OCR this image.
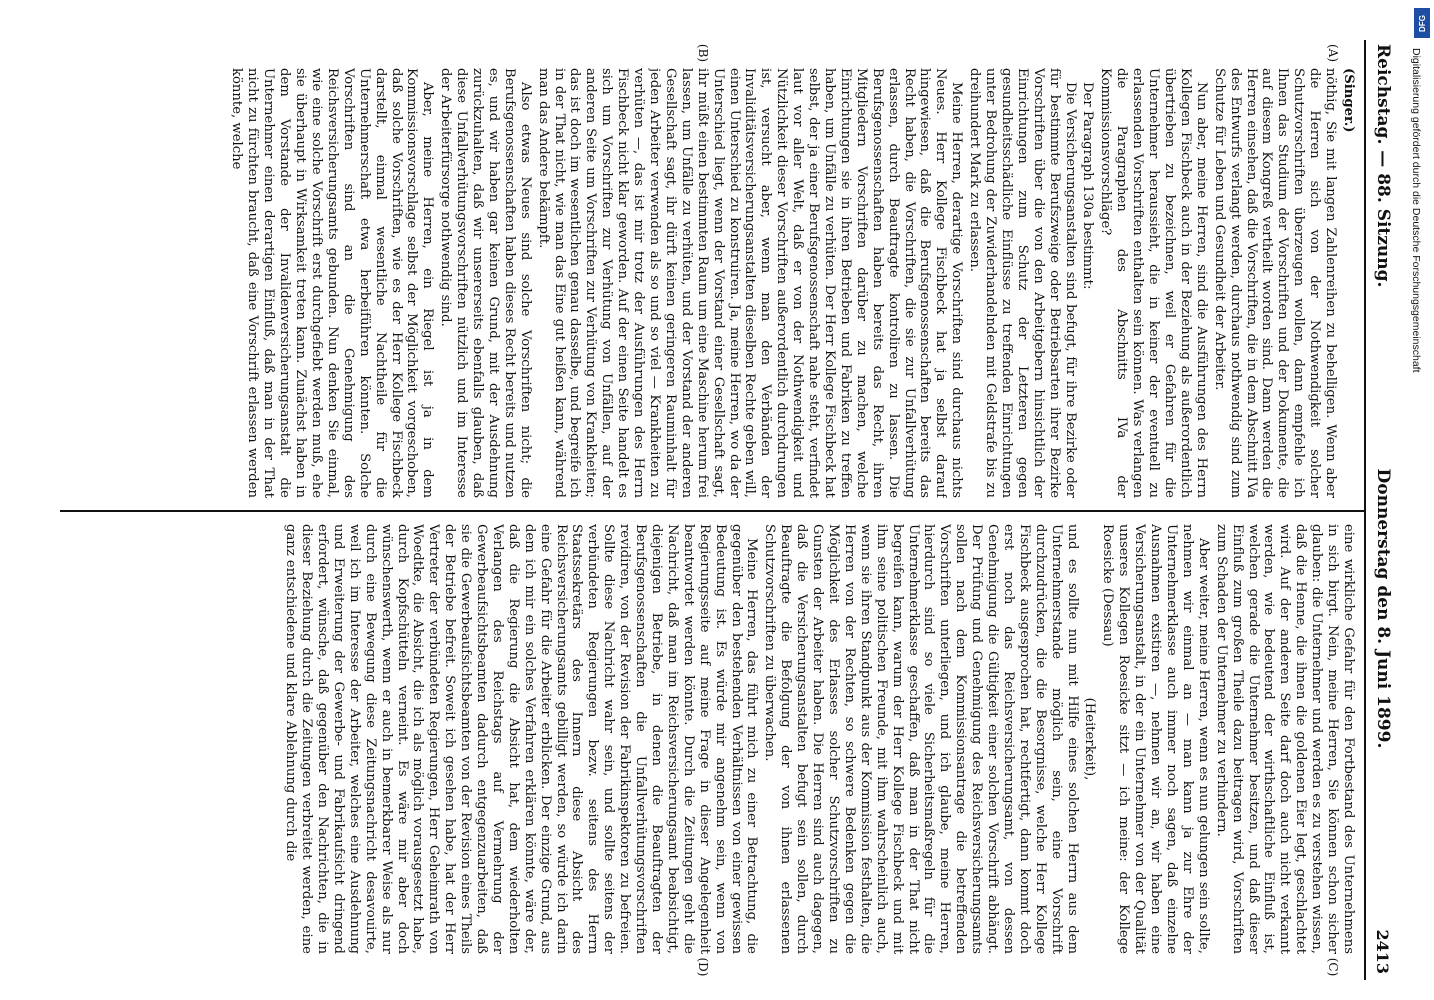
Reichstag. — 88. Sitzung.
Donnerstag den 8. Juni 1899.
2413
(A)
(B)
(C)
(D)

(Singer.)

nöthig, Sie mit langen Zahlenreihen zu behelligen. Wenn aber die Herren sich von der Nothwendigkeit solcher Schutzvorschriften überzeugen wollen, dann empfehle ich Ihnen das Studium der Vorschriften und der Dokumente, die auf diesem Kongreß vertheilt worden sind. Dann werden die Herren einsehen, daß die Vorschriften, die in dem Abschnitt IVa des Entwurfs verlangt werden, durchaus nothwendig sind zum Schutze für Leben und Gesundheit der Arbeiter.

Nun aber, meine Herren, sind die Ausführungen des Herrn Kollegen Fischbeck auch in der Beziehung als außerordentlich übertrieben zu bezeichnen, weil er Gefahren für die Unternehmer heraussieht, die in keiner der eventuell zu erlassenden Vorschriften enthalten sein können. Was verlangen die Paragraphen des Abschnitts IVa der Kommissionsvorschläge?

Der Paragraph 130a bestimmt:

Die Versicherungsanstalten sind befugt, für ihre Bezirke oder für bestimmte Berufszweige oder Betriebsarten ihrer Bezirke Vorschriften über die von den Arbeitgebern hinsichtlich der Einrichtungen zum Schutz der Letzteren gegen gesundheitsschädliche Einflüsse zu treffenden Einrichtungen unter Bedrohung der Zuwiderhandelnden mit Geldstrafe bis zu dreihundert Mark zu erlassen.

Meine Herren, derartige Vorschriften sind durchaus nichts Neues. Herr Kollege Fischbeck hat ja selbst darauf hingewiesen, daß die Berufsgenossenschaften bereits das Recht haben, die Vorschriften, die sie zur Unfallverhütung erlassen, durch Beauftragte kontroliren zu lassen. Die Berufsgenossenschaften haben bereits das Recht, ihren Mitgliedern Vorschriften darüber zu machen, welche Einrichtungen sie in ihren Betrieben und Fabriken zu treffen haben, um Unfälle zu verhüten. Der Herr Kollege Fischbeck hat selbst, der ja einer Berufsgenossenschaft nahe steht, verfindet laut vor aller Welt, daß er von der Nothwendigkeit und Nützlichkeit dieser Vorschriften außerordentlich durchdrungen ist, versucht aber, wenn man den Verbänden der Invaliditätsversicherungsanstalten dieselben Rechte geben will, einen Unterschied zu konstruiren. Ja, meine Herren, wo da der Unterschied liegt, wenn der Vorstand einer Gesellschaft sagt, ihr müßt einen bestimmten Raum um eine Maschine herum frei lassen, um Unfälle zu verhüten, und der Vorstand der anderen Gesellschaft sagt, ihr dürft keinen geringeren Rauminhalt für jeden Arbeiter verwenden als so und so viel — Krankheiten zu verhüten —, das ist mir trotz der Ausführungen des Herrn Fischbeck nicht klar geworden. Auf der einen Seite handelt es sich um Vorschriften zur Verhütung von Unfällen, auf der anderen Seite um Vorschriften zur Verhütung von Krankheiten; das ist doch im wesentlichen genau dasselbe, und begreife ich in der That nicht, wie man das Eine gut heißen kann, während man das Andere bekämpft.

Also etwas Neues sind solche Vorschriften nicht; die Berufsgenossenschaften haben dieses Recht bereits und nutzen es, und wir haben gar keinen Grund, mit der Ausdehnung zurückzuhalten, daß wir unsererseits ebenfalls glauben, daß diese Unfallverhütungsvorschriften nützlich und im Interesse der Arbeiterfürsorge nothwendig sind.

Aber, meine Herren, ein Riegel ist ja in dem Kommissionsvorschlage selbst der Möglichkeit vorgeschoben, daß solche Vorschriften, wie es der Herr Kollege Fischbeck darstellt, einmal wesentliche Nachtheile für die Unternehmerschaft etwa herbeiführen könnten. Solche Vorschriften sind an die Genehmigung des Reichsversicherungsamts gebunden. Nun denken Sie einmal, wie eine solche Vorschrift erst durchgefiebt werden muß, ehe sie überhaupt in Wirksamkeit treten kann. Zunächst haben in dem Vorstande der Invalidenversicherungsanstalt die Unternehmer einen derartigen Einfluß, daß man in der That nicht zu fürchten braucht, daß eine Vorschrift erlassen werden könnte, welche

eine wirkliche Gefahr für den Fortbestand des Unternehmens in sich birgt. Nein, meine Herren, Sie können schon sicher glauben: die Unternehmer und werden es zu verstehen wissen, daß die Henne, die ihnen die goldenen Eier legt, geschlachtet wird. Auf der anderen Seite darf doch auch nicht verkannt werden, wie bedeutend der wirthschaftliche Einfluß ist, welchen gerade die Unternehmer besitzen, und daß dieser Einfluß zum großen Theile dazu beitragen wird, Vorschriften zum Schaden der Unternehmer zu verhindern.

Aber weiter, meine Herren, wenn es nun gelungen sein sollte, nehmen wir einmal an — man kann ja zur Ehre der Unternehmerklasse auch immer noch sagen, daß einzelne Ausnahmen existiren —, nehmen wir an, wir haben eine Versicherungsanstalt, in der ein Unternehmer von der Qualität unseres Kollegen Roesicke sitzt — ich meine: der Kollege Roesicke (Dessau)

(Heiterkeit),

und es sollte nun mit Hilfe eines solchen Herrn aus dem Unternehmerstande möglich sein, eine Vorschrift durchzudrücken, die die Besorgnisse, welche Herr Kollege Fischbeck ausgesprochen hat, rechtfertigt, dann kommt doch erst noch das Reichsversicherungsamt, von dessen Genehmigung die Gültigkeit einer solchen Vorschrift abhängt. Der Prüfung und Genehmigung des Reichsversicherungsamts sollen nach dem Kommissionsantrage die betreffenden Vorschriften unterliegen, und ich glaube, meine Herren, hierdurch sind so viele Sicherheitsmaßregeln für die Unternehmerklasse geschaffen, daß man in der That nicht begreifen kann, warum der Herr Kollege Fischbeck und mit ihm seine politischen Freunde, mit ihm wahrscheinlich auch, wenn sie ihren Standpunkt aus der Kommission festhalten, die Herren von der Rechten, so schwere Bedenken gegen die Möglichkeit des Erlasses solcher Schutzvorschriften zu Gunsten der Arbeiter haben. Die Herren sind auch dagegen, daß die Versicherungsanstalten befugt sein sollen, durch Beauftragte die Befolgung der von ihnen erlassenen Schutzvorschriften zu überwachen.

Meine Herren, das führt mich zu einer Betrachtung, die gegenüber den bestehenden Verhältnissen von einer gewissen Bedeutung ist. Es würde mir angenehm sein, wenn von Regierungsseite auf meine Frage in dieser Angelegenheit beantwortet werden könnte. Durch die Zeitungen geht die Nachricht, daß man im Reichsversicherungsamt beabsichtigt, diejenigen Betriebe, in denen die Beauftragten der Berufsgenossenschaften die Unfallverhütungsvorschriften revidiren, von der Revision der Fabrikinspektoren zu befreien. Sollte diese Nachricht wahr sein, und sollte seitens der verbündeten Regierungen bezw. seitens des Herrn Staatssekretärs des Innern diese Absicht des Reichsversicherungsamts gebilligt werden, so würde ich darin eine Gefahr für die Arbeiter erblicken. Der einzige Grund, aus dem ich mir ein solches Verfahren erklären könnte, wäre der, daß die Regierung die Absicht hat, dem wiederholten Verlangen des Reichstags auf Vermehrung der Gewerbeaufsichtsbeamten dadurch entgegenzuarbeiten, daß sie die Gewerbeaufsichtsbeamten von der Revision eines Theils der Betriebe befreit. Soweit ich gesehen habe, hat der Herr Vertreter der verbündeten Regierungen, Herr Geheimrath von Woedtke, die Absicht, die ich als möglich vorausgesetzt habe, durch Kopfschütteln verneint. Es wäre mir aber doch wünschenswerth, wenn er auch in bemerkbarer Weise als nur durch eine Bewegung diese Zeitungsnachricht desavouirte, weil ich im Interesse der Arbeiter, welches eine Ausdehnung und Erweiterung der Gewerbe- und Fabrikaufsicht dringend erfordert, wünsche, daß gegenüber den Nachrichten, die in dieser Beziehung durch die Zeitungen verbreitet werden, eine ganz entschiedene und klare Ablehnung durch die

DFG
Digitalisierung gefördert durch die Deutsche Forschungsgemeinschaft
